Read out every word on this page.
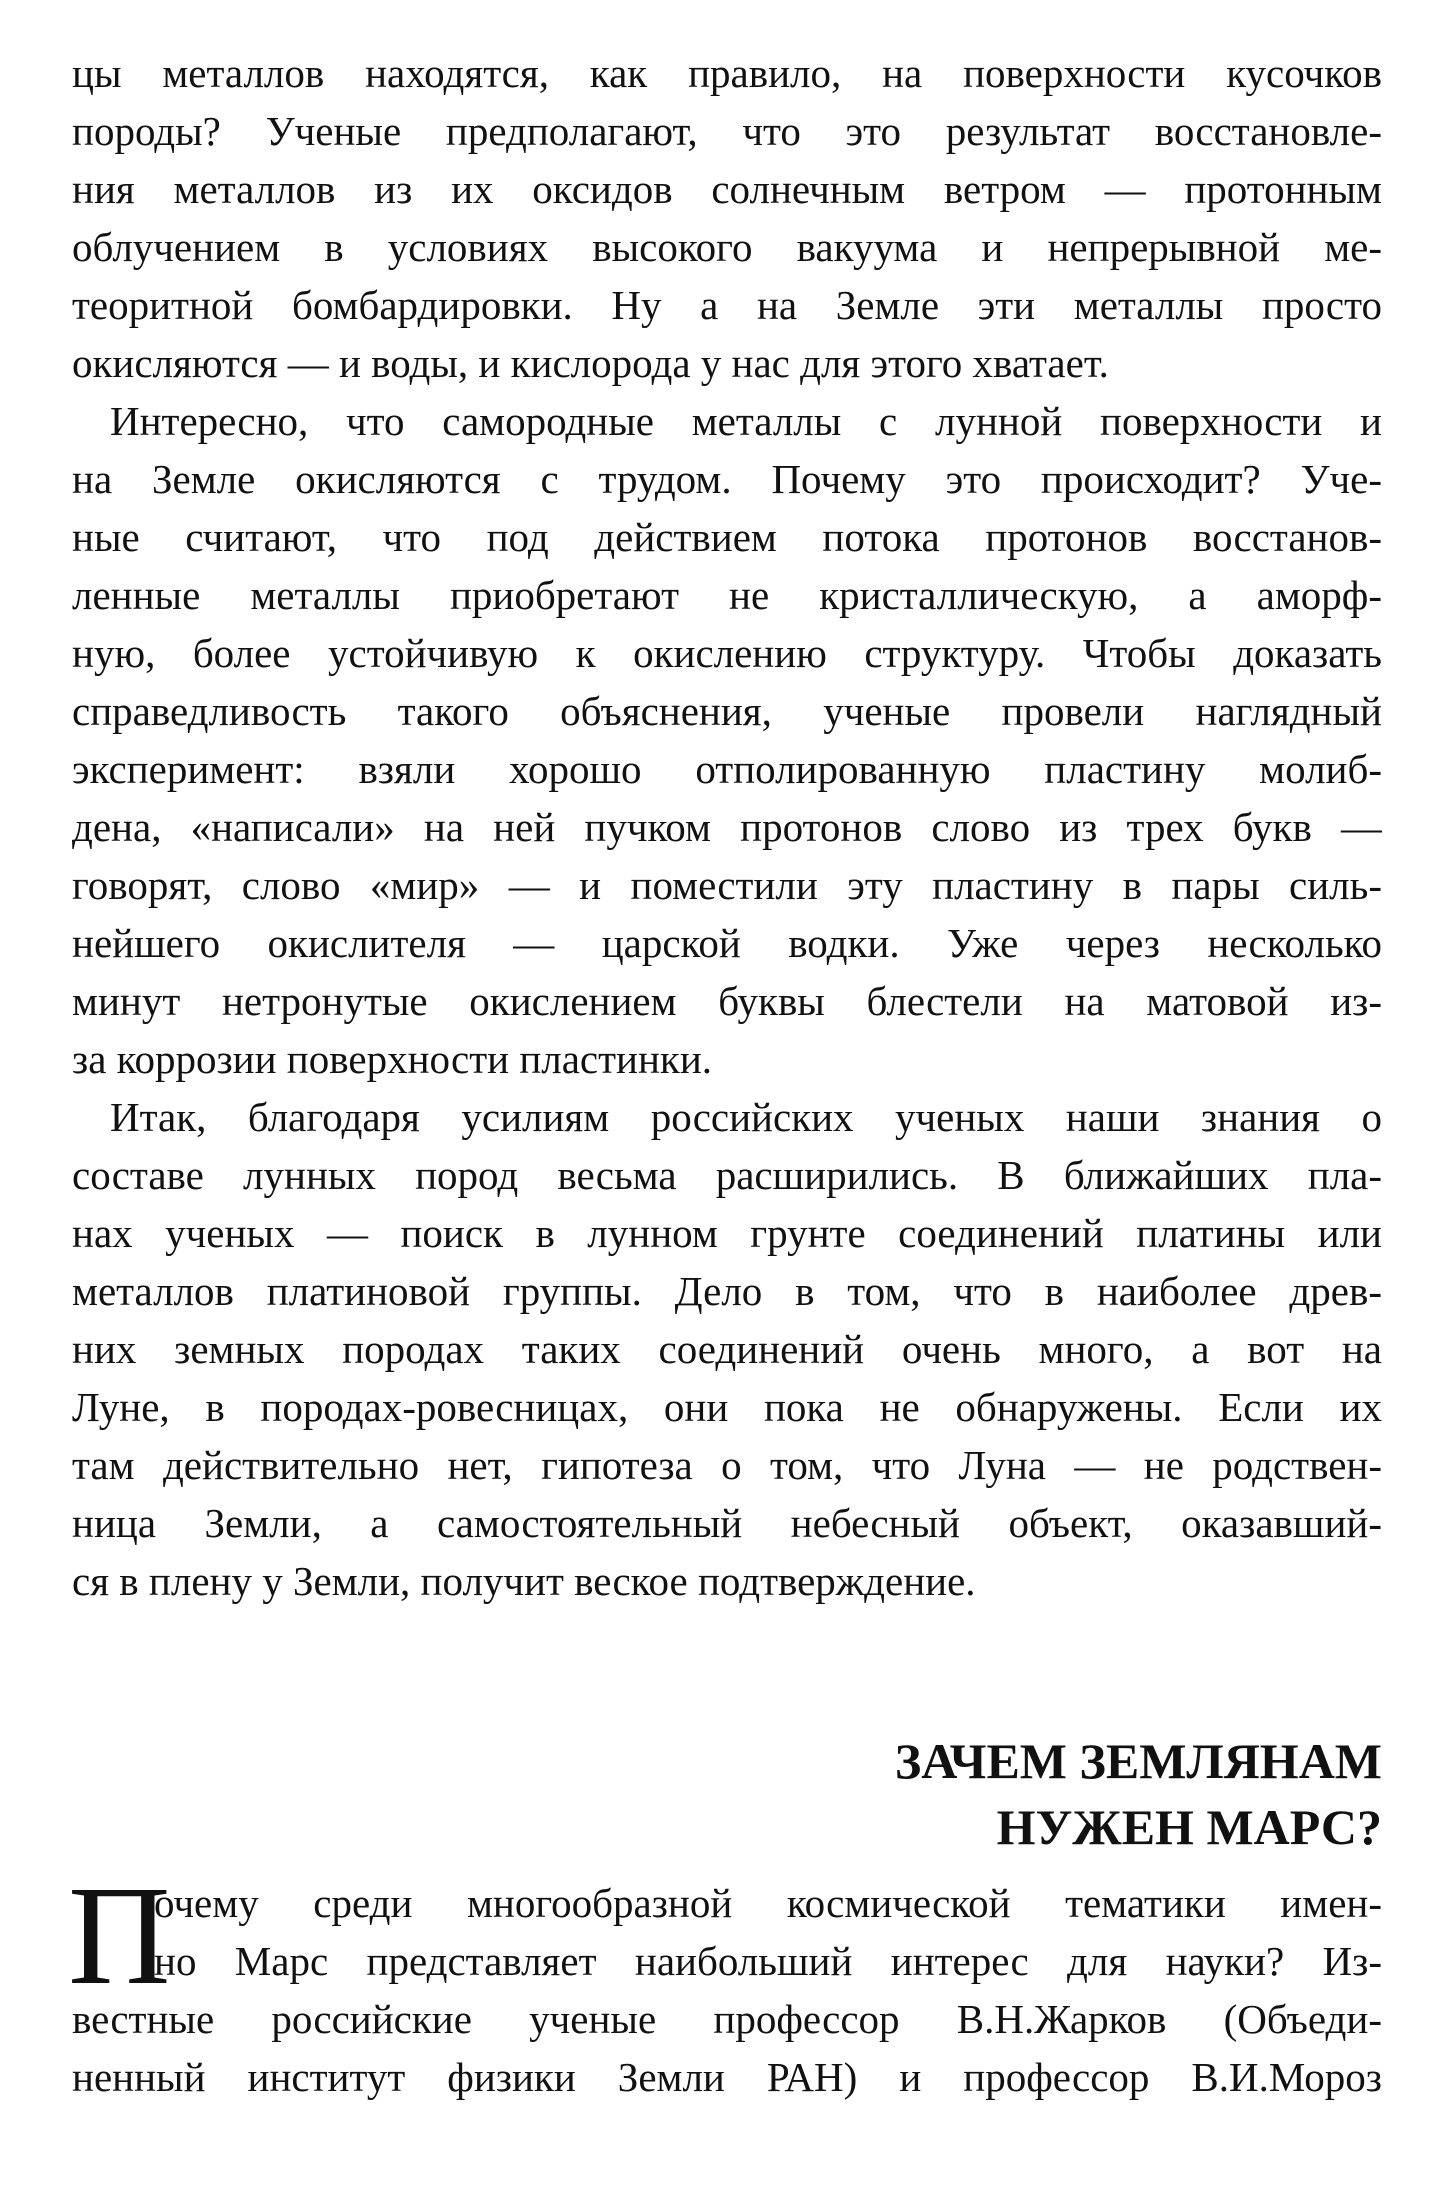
цы металлов находятся, как правило, на поверхности кусочков
породы? Ученые предполагают, что это результат восстановле-
ния металлов из их оксидов солнечным ветром — протонным
облучением в условиях высокого вакуума и непрерывной ме-
теоритной бомбардировки. Ну а на Земле эти металлы просто
окисляются — и воды, и кислорода у нас для этого хватает.
Интересно, что самородные металлы с лунной поверхности и
на Земле окисляются с трудом. Почему это происходит? Уче-
ные считают, что под действием потока протонов восстанов-
ленные металлы приобретают не кристаллическую, а аморф-
ную, более устойчивую к окислению структуру. Чтобы доказать
справедливость такого объяснения, ученые провели наглядный
эксперимент: взяли хорошо отполированную пластину молиб-
дена, «написали» на ней пучком протонов слово из трех букв —
говорят, слово «мир» — и поместили эту пластину в пары силь-
нейшего окислителя — царской водки. Уже через несколько
минут нетронутые окислением буквы блестели на матовой из-
за коррозии поверхности пластинки.
Итак, благодаря усилиям российских ученых наши знания о
составе лунных пород весьма расширились. В ближайших пла-
нах ученых — поиск в лунном грунте соединений платины или
металлов платиновой группы. Дело в том, что в наиболее древ-
них земных породах таких соединений очень много, а вот на
Луне, в породах-ровесницах, они пока не обнаружены. Если их
там действительно нет, гипотеза о том, что Луна — не родствен-
ница Земли, а самостоятельный небесный объект, оказавший-
ся в плену у Земли, получит веское подтверждение.
ЗАЧЕМ ЗЕМЛЯНАМ
НУЖЕН МАРС?
П
очему среди многообразной космической тематики имен-
но Марс представляет наибольший интерес для науки? Из-
вестные российские ученые профессор В.Н.Жарков (Объеди-
ненный институт физики Земли РАН) и профессор В.И.Мороз
